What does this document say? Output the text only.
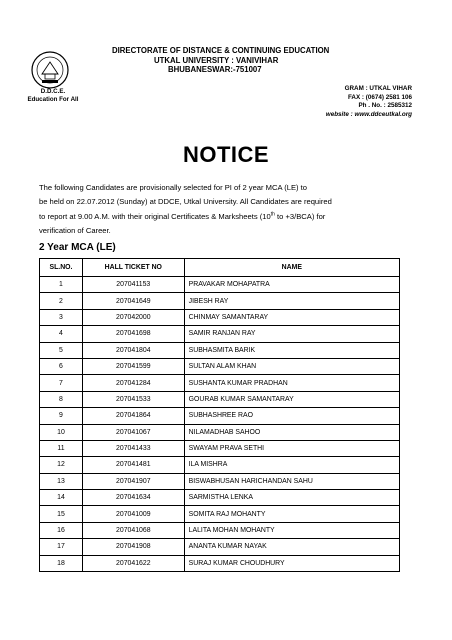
D.D.C.E.
Education For All
DIRECTORATE OF DISTANCE & CONTINUING EDUCATION
UTKAL UNIVERSITY : VANIVIHAR
BHUBANESWAR:-751007
GRAM : UTKAL VIHAR
FAX : (0674) 2581 106
Ph . No. : 2585312
website : www.ddceutkal.org
NOTICE
The following Candidates are provisionally selected for PI of 2 year MCA (LE) to
be held on 22.07.2012 (Sunday) at DDCE, Utkal University. All Candidates are required
to report at 9.00 A.M. with their original Certificates & Marksheets (10th to +3/BCA) for
verification of Career.
2 Year MCA (LE)
SL.NO.	HALL TICKET NO	NAME
1	207041153	PRAVAKAR MOHAPATRA
2	207041649	JIBESH RAY
3	207042000	CHINMAY SAMANTARAY
4	207041698	SAMIR RANJAN RAY
5	207041804	SUBHASMITA BARIK
6	207041599	SULTAN ALAM KHAN
7	207041284	SUSHANTA KUMAR PRADHAN
8	207041533	GOURAB KUMAR SAMANTARAY
9	207041864	SUBHASHREE RAO
10	207041067	NILAMADHAB SAHOO
11	207041433	SWAYAM PRAVA SETHI
12	207041481	ILA MISHRA
13	207041907	BISWABHUSAN HARICHANDAN SAHU
14	207041634	SARMISTHA LENKA
15	207041009	SOMITA RAJ MOHANTY
16	207041068	LALITA MOHAN MOHANTY
17	207041908	ANANTA KUMAR NAYAK
18	207041622	SURAJ KUMAR CHOUDHURY
